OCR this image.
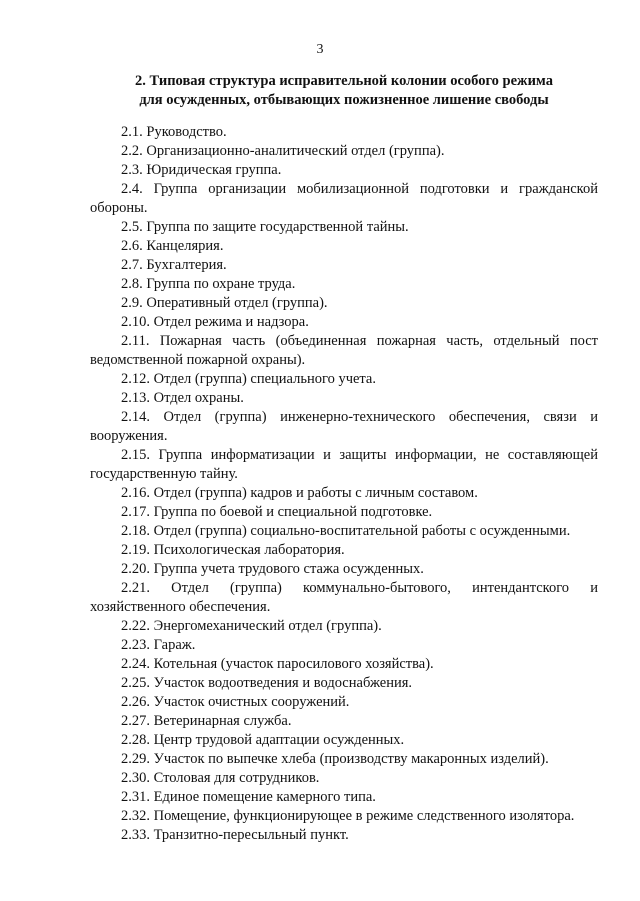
3
2. Типовая структура исправительной колонии особого режима
для осужденных, отбывающих пожизненное лишение свободы
2.1. Руководство.
2.2. Организационно-аналитический отдел (группа).
2.3. Юридическая группа.
2.4. Группа организации мобилизационной подготовки и гражданской обороны.
2.5. Группа по защите государственной тайны.
2.6. Канцелярия.
2.7. Бухгалтерия.
2.8. Группа по охране труда.
2.9. Оперативный отдел (группа).
2.10. Отдел режима и надзора.
2.11. Пожарная часть (объединенная пожарная часть, отдельный пост ведомственной пожарной охраны).
2.12. Отдел (группа) специального учета.
2.13. Отдел охраны.
2.14. Отдел (группа) инженерно-технического обеспечения, связи и вооружения.
2.15. Группа информатизации и защиты информации, не составляющей государственную тайну.
2.16. Отдел (группа) кадров и работы с личным составом.
2.17. Группа по боевой и специальной подготовке.
2.18. Отдел (группа) социально-воспитательной работы с осужденными.
2.19. Психологическая лаборатория.
2.20. Группа учета трудового стажа осужденных.
2.21. Отдел (группа) коммунально-бытового, интендантского и хозяйственного обеспечения.
2.22. Энергомеханический отдел (группа).
2.23. Гараж.
2.24. Котельная (участок паросилового хозяйства).
2.25. Участок водоотведения и водоснабжения.
2.26. Участок очистных сооружений.
2.27. Ветеринарная служба.
2.28. Центр трудовой адаптации осужденных.
2.29. Участок по выпечке хлеба (производству макаронных изделий).
2.30. Столовая для сотрудников.
2.31. Единое помещение камерного типа.
2.32. Помещение, функционирующее в режиме следственного изолятора.
2.33. Транзитно-пересыльный пункт.
